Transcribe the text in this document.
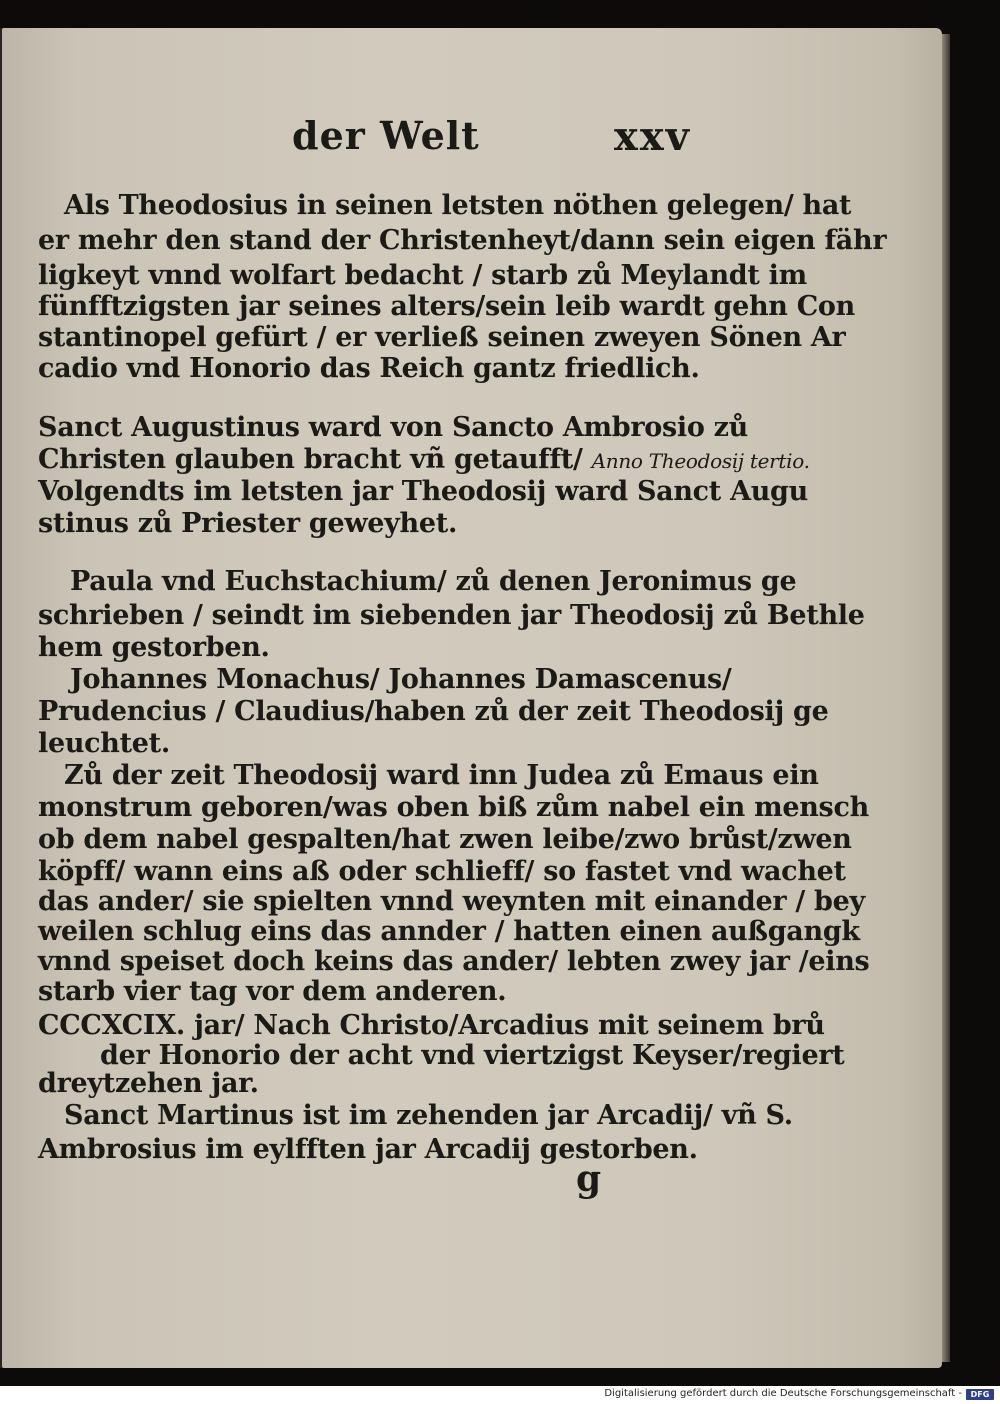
der Welt	xxv
Als Theodosius in seinen letsten nöthen gelegen/ hat
er mehr den stand der Christenheyt/dann sein eigen fähr
ligkeyt vnnd wolfart bedacht / starb zů Meylandt im
fünfftzigsten jar seines alters/sein leib wardt gehn Con
stantinopel gefürt / er verließ seinen zweyen Sönen Ar
cadio vnd Honorio das Reich gantz friedlich.
Sanct Augustinus ward von Sancto Ambrosio zů
Christen glauben bracht vñ getaufft/ Anno Theodosij tertio.
Volgendts im letsten jar Theodosij ward Sanct Augu
stinus zů Priester geweyhet.
Paula vnd Euchstachium/ zů denen Jeronimus ge
schrieben / seindt im siebenden jar Theodosij zů Bethle
hem gestorben.
Johannes Monachus/ Johannes Damascenus/
Prudencius / Claudius/haben zů der zeit Theodosij ge
leuchtet.
Zů der zeit Theodosij ward inn Judea zů Emaus ein
monstrum geboren/was oben biß zům nabel ein mensch
ob dem nabel gespalten/hat zwen leibe/zwo brůst/zwen
köpff/ wann eins aß oder schlieff/ so fastet vnd wachet
das ander/ sie spielten vnnd weynten mit einander / bey
weilen schlug eins das annder / hatten einen außgangk
vnnd speiset doch keins das ander/ lebten zwey jar /eins
starb vier tag vor dem anderen.
CCCXCIX. jar/ Nach Christo/Arcadius mit seinem brů
der Honorio der acht vnd viertzigst Keyser/regiert
dreytzehen jar.
Sanct Martinus ist im zehenden jar Arcadij/ vñ S.
Ambrosius im eylfften jar Arcadij gestorben.
g
Digitalisierung gefördert durch die Deutsche Forschungsgemeinschaft -	DFG
